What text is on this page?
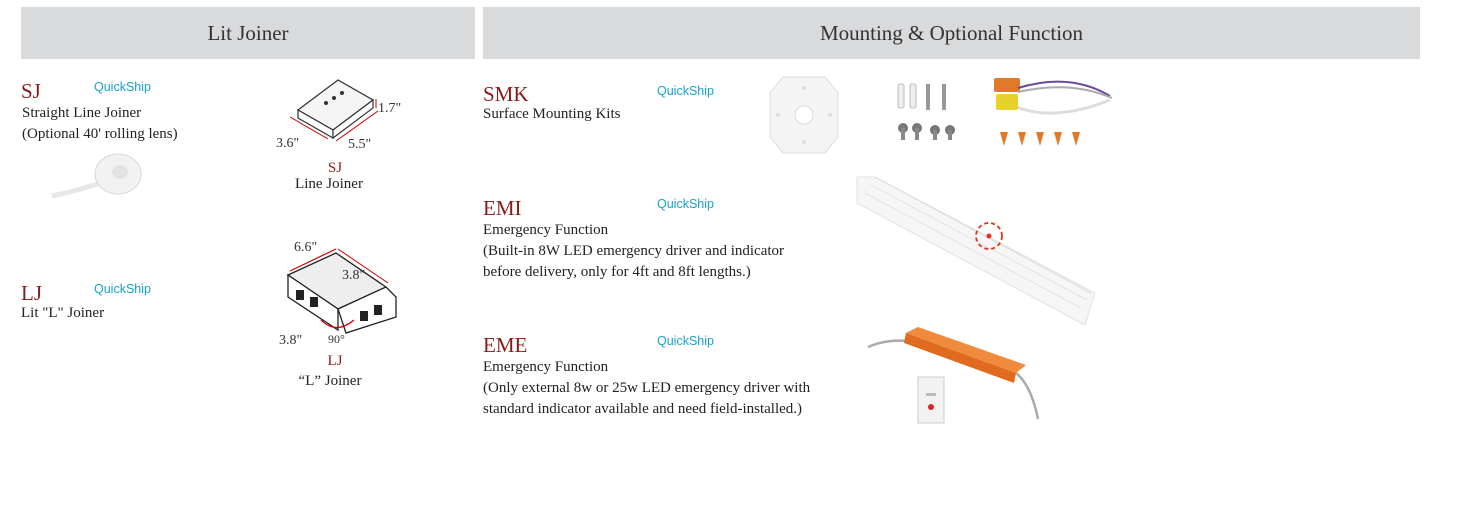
Lit Joiner	Mounting & Optional Function
SJ	QuickShip
Straight Line Joiner
(Optional 40' rolling lens)
1.7"
3.6"	5.5"
SJ
Line Joiner
LJ	QuickShip
Lit "L" Joiner
6.6"
3.8"
3.8" 90°
LJ
“L” Joiner
SMK	QuickShip
Surface Mounting Kits
EMI	QuickShip
Emergency Function
(Built-in 8W LED emergency driver and indicator
before delivery, only for 4ft and 8ft lengths.)
EME	QuickShip
Emergency Function
(Only external 8w or 25w LED emergency driver with
standard indicator available and need field-installed.)
